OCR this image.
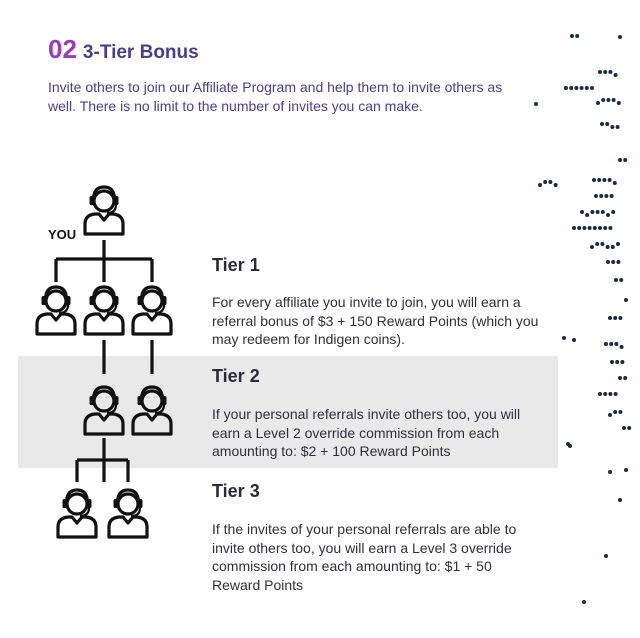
02 3-Tier Bonus

Invite others to join our Affiliate Program and help them to invite others as well. There is no limit to the number of invites you can make.

YOU
Tier 1

For every affiliate you invite to join, you will earn a referral bonus of $3 + 150 Reward Points (which you may redeem for Indigen coins).

Tier 2

If your personal referrals invite others too, you will earn a Level 2 override commission from each amounting to: $2 + 100 Reward Points

Tier 3

If the invites of your personal referrals are able to invite others too, you will earn a Level 3 override commission from each amounting to: $1 + 50 Reward Points
